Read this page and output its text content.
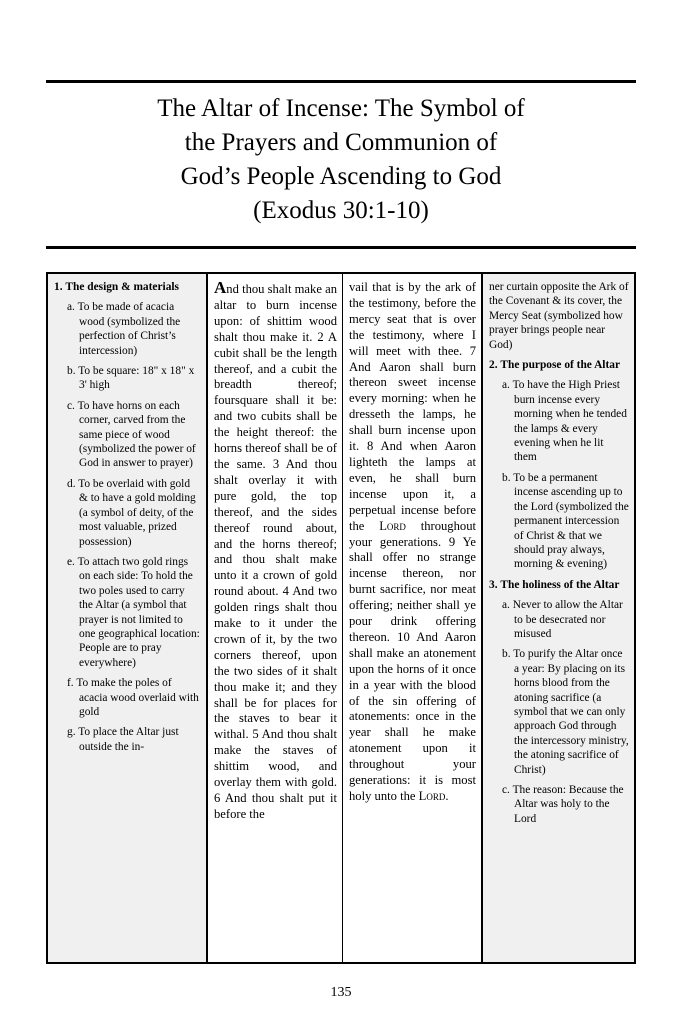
The Altar of Incense: The Symbol of
the Prayers and Communion of
God’s People Ascending to God
(Exodus 30:1-10)
1. The design & materials
a. To be made of acacia wood (symbolized the perfection of Christ’s intercession)
b. To be square: 18" x 18" x 3' high
c. To have horns on each corner, carved from the same piece of wood (symbolized the power of God in answer to prayer)
d. To be overlaid with gold & to have a gold molding (a symbol of deity, of the most valuable, prized possession)
e. To attach two gold rings on each side: To hold the two poles used to carry the Altar (a symbol that prayer is not limited to one geographical location: People are to pray everywhere)
f. To make the poles of acacia wood overlaid with gold
g. To place the Altar just outside the in-

And thou shalt make an altar to burn incense upon: of shittim wood shalt thou make it. 2 A cubit shall be the length thereof, and a cubit the breadth thereof; foursquare shall it be: and two cubits shall be the height thereof: the horns thereof shall be of the same. 3 And thou shalt overlay it with pure gold, the top thereof, and the sides thereof round about, and the horns thereof; and thou shalt make unto it a crown of gold round about. 4 And two golden rings shalt thou make to it under the crown of it, by the two corners thereof, upon the two sides of it shalt thou make it; and they shall be for places for the staves to bear it withal. 5 And thou shalt make the staves of shittim wood, and overlay them with gold. 6 And thou shalt put it before the

vail that is by the ark of the testimony, before the mercy seat that is over the testimony, where I will meet with thee. 7 And Aaron shall burn thereon sweet incense every morning: when he dresseth the lamps, he shall burn incense upon it. 8 And when Aaron lighteth the lamps at even, he shall burn incense upon it, a perpetual incense before the Lord throughout your generations. 9 Ye shall offer no strange incense thereon, nor burnt sacrifice, nor meat offering; neither shall ye pour drink offering thereon. 10 And Aaron shall make an atonement upon the horns of it once in a year with the blood of the sin offering of atonements: once in the year shall he make atonement upon it throughout your generations: it is most holy unto the Lord.

ner curtain opposite the Ark of the Covenant & its cover, the Mercy Seat (symbolized how prayer brings people near God)
2. The purpose of the Altar
a. To have the High Priest burn incense every morning when he tended the lamps & every evening when he lit them
b. To be a permanent incense ascending up to the Lord (symbolized the permanent intercession of Christ & that we should pray always, morning & evening)
3. The holiness of the Altar
a. Never to allow the Altar to be desecrated nor misused
b. To purify the Altar once a year: By placing on its horns blood from the atoning sacrifice (a symbol that we can only approach God through the intercessory ministry, the atoning sacrifice of Christ)
c. The reason: Because the Altar was holy to the Lord
135
